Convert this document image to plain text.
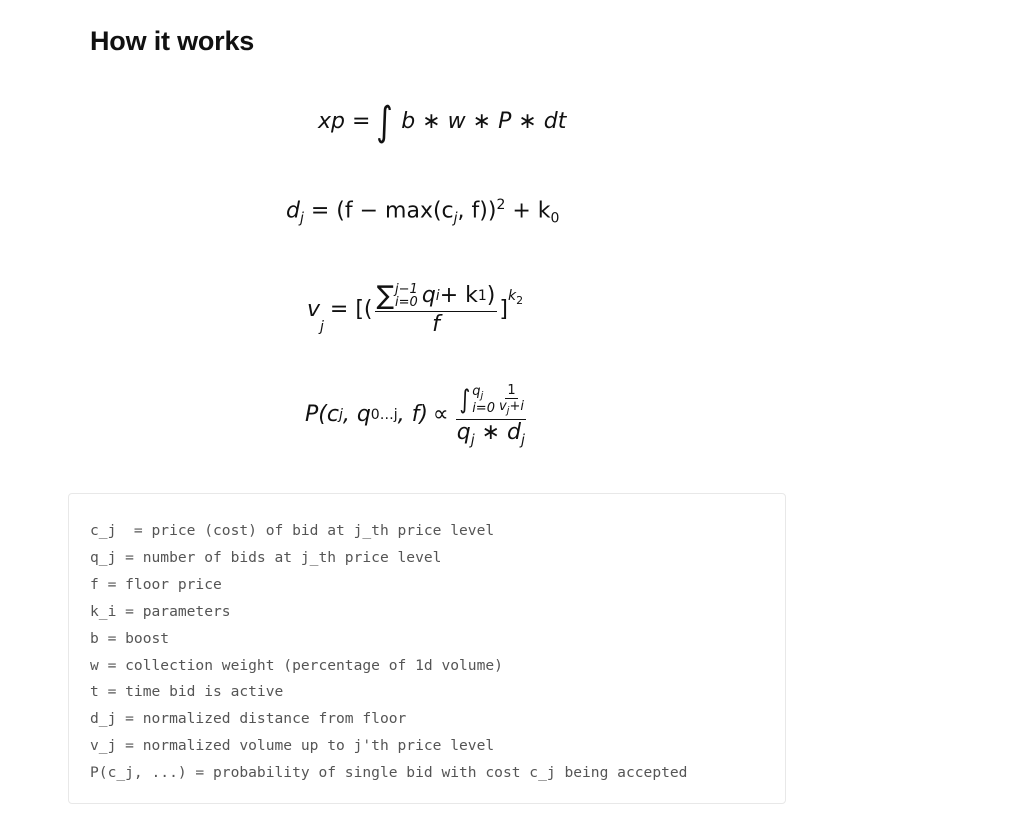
How it works
xp = ∫ b ∗ w ∗ P ∗ dt
$d_j = (f - \max(c_j$, $f))^2 + k_0$
v
$_j$
= [( ∑ j−1
i=0 q i + k 1 )
f
]
$^{k_2}$
P(c j , q 0…j , f) ∝ ∫ $q_j$
i=0
1
$v_j+i$
$q_j$ ∗ $d_j$
c_j  = price (cost) of bid at j_th price level
q_j = number of bids at j_th price level
f = floor price
k_i = parameters
b = boost
w = collection weight (percentage of 1d volume)
t = time bid is active
d_j = normalized distance from floor
v_j = normalized volume up to j'th price level
P(c_j, ...) = probability of single bid with cost c_j being accepted
